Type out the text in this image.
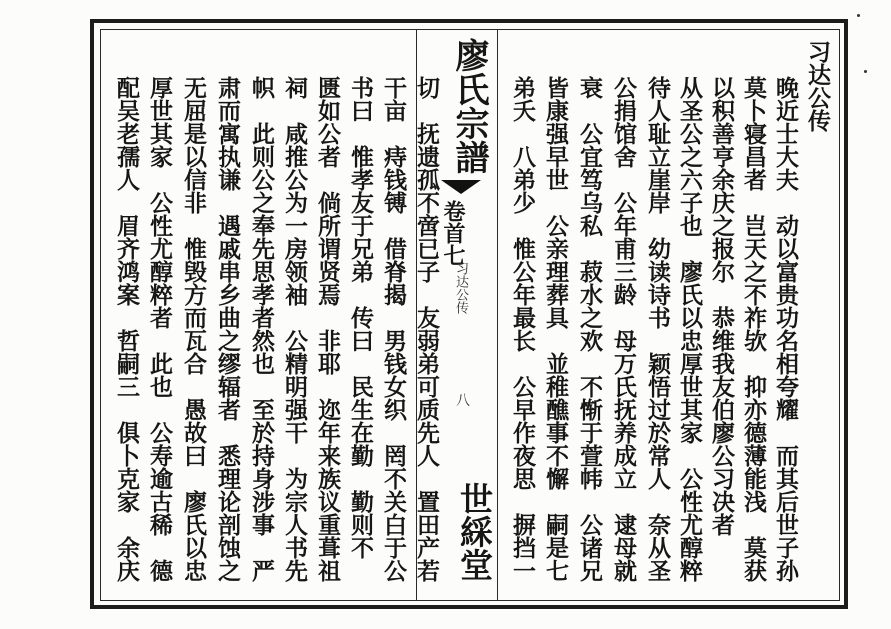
习达公传
晚近士大夫　动以富贵功名相夸耀　而其后世子孙
莫卜寝昌者　岂天之不祚欤　抑亦德薄能浅　莫获
以积善亨余庆之报尔　恭维我友伯廖公习决者
从圣公之六子也　廖氏以忠厚世其家　公性尤醇粹
待人耻立崖岸　幼读诗书　颖悟过於常人　奈从圣
公捐馆舍　公年甫三龄　母万氏抚养成立　逮母就
衰　公宜笃乌私　菽水之欢　不惭于萱帏　公诸兄
皆康强早世　公亲理葬具　並稚醮事不懈　嗣是七
弟夭　八弟少　惟公年最长　公早作夜思　摒挡一
廖氏宗譜
卷首七
习达公传
八
世綵堂
切　抚遗孤不啻已子　友弱弟可质先人　置田产若
干亩　痔钱镈　借脊揭　男钱女织　罔不关白于公
书曰　惟孝友于兄弟　传曰　民生在勤　勤则不
匮如公者　倘所谓贤焉　非耶　迩年来族议重葺祖
祠　咸推公为一房领袖　公精明强干　为宗人书先
帜　此则公之奉先思孝者然也　至於持身涉事　严
肃而寓执谦　遇戚串乡曲之缪辐者　悉理论剖蚀之
无屈是以信非　惟毁方而瓦合　愚故曰　廖氏以忠
厚世其家　公性尤醇粹者　此也　公寿逾古稀　德
配吴老孺人　眉齐鸿案　哲嗣三　俱卜克家　余庆
